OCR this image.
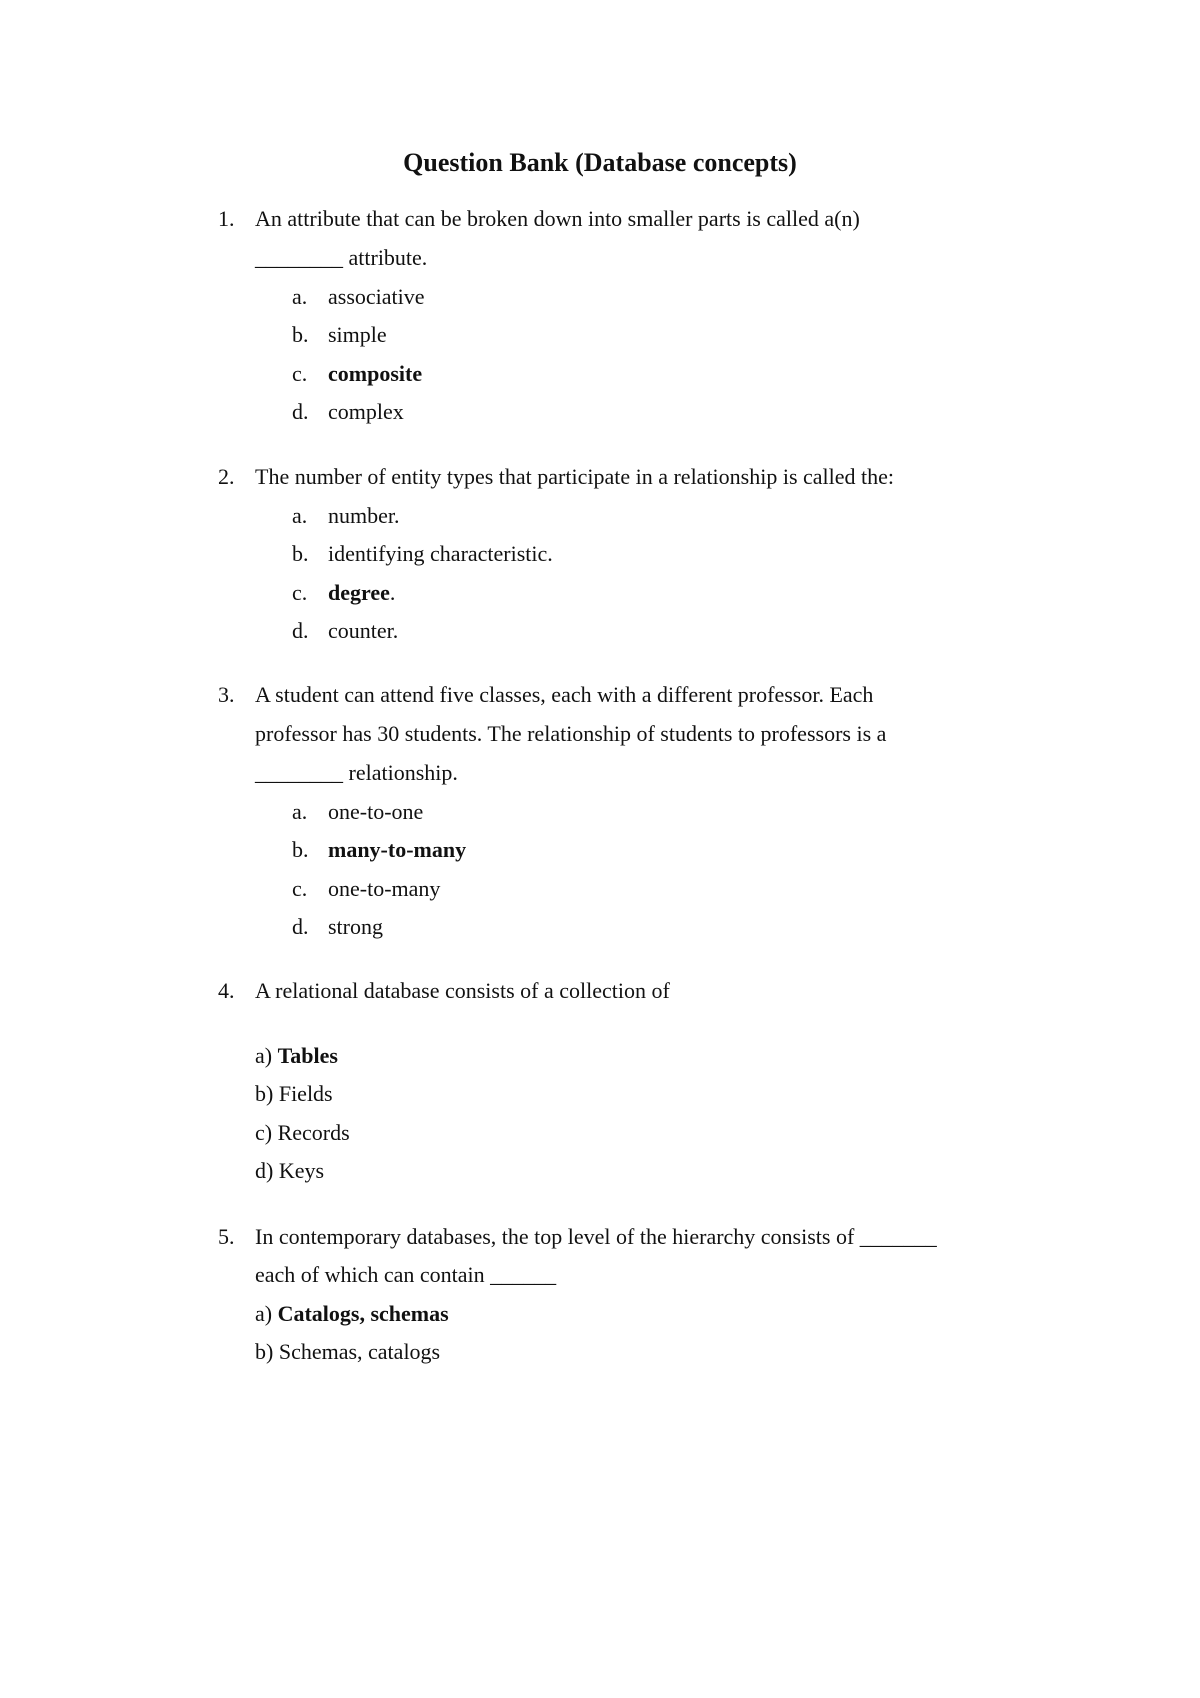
Question Bank (Database concepts)
1. An attribute that can be broken down into smaller parts is called a(n)
________ attribute.
a. associative
b. simple
c. composite
d. complex
2. The number of entity types that participate in a relationship is called the:
a. number.
b. identifying characteristic.
c. degree.
d. counter.
3. A student can attend five classes, each with a different professor. Each
professor has 30 students. The relationship of students to professors is a
________ relationship.
a. one-to-one
b. many-to-many
c. one-to-many
d. strong
4. A relational database consists of a collection of
a) Tables
b) Fields
c) Records
d) Keys
5. In contemporary databases, the top level of the hierarchy consists of _______
each of which can contain ______
a) Catalogs, schemas
b) Schemas, catalogs
